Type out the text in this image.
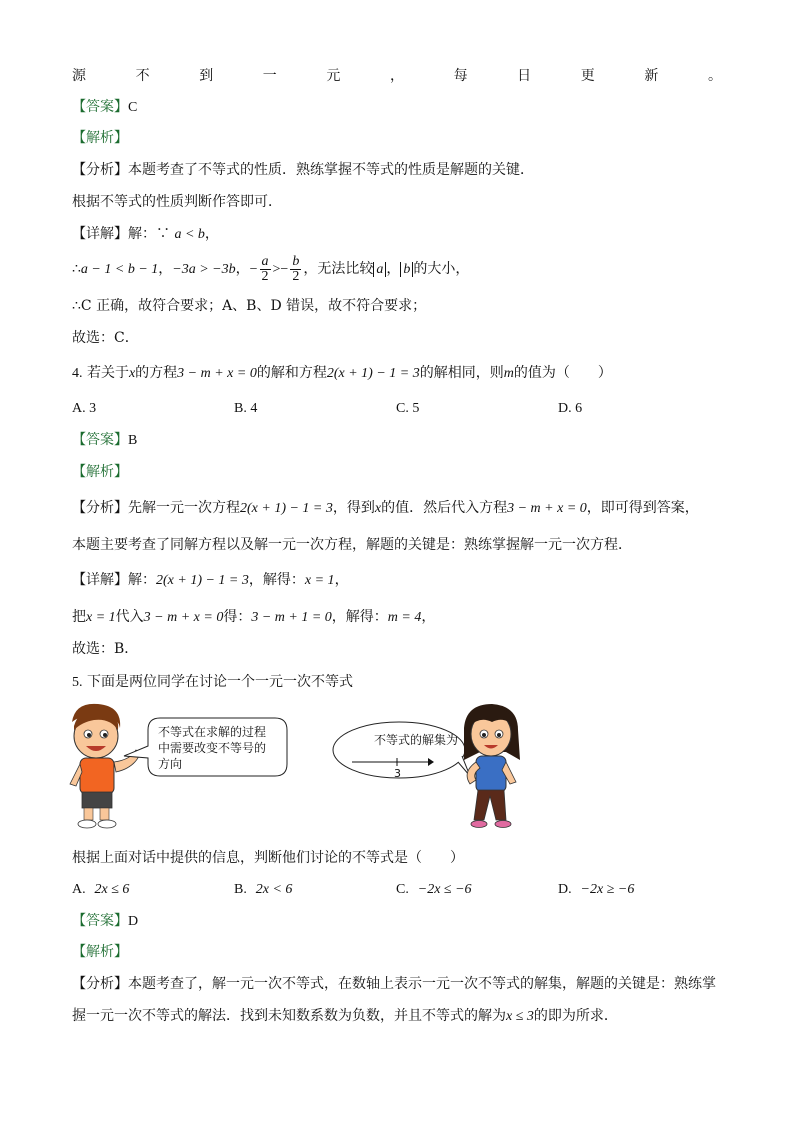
源	不	到	一	元	，	每	日	更	新	。
【答案】C
【解析】
【分析】本题考查了不等式的性质．熟练掌握不等式的性质是解题的关键．
根据不等式的性质判断作答即可．
【详解】解：∵ a < b，
∴a − 1 < b − 1，−3a > −3b，− $\frac{a}{2} >- \frac{b}{2}$ ，无法比较 a ， b 的大小，
∴C 正确，故符合要求；A、B、D 错误，故不符合要求；
故选：C．
4. 若关于x的方程3 − m + x = 0的解和方程2(x + 1) − 1 = 3的解相同，则m的值为（　　）
A. 3	B. 4	C. 5	D. 6
【答案】B
【解析】
【分析】先解一元一次方程2(x + 1) − 1 = 3，得到x的值．然后代入方程3 − m + x = 0，即可得到答案，
本题主要考查了同解方程以及解一元一次方程，解题的关键是：熟练掌握解一元一次方程．
【详解】解：2(x + 1) − 1 = 3，解得：x = 1，
把x = 1代入3 − m + x = 0得：3 − m + 1 = 0，解得：m = 4，
故选：B．
5. 下面是两位同学在讨论一个一元一次不等式
不等式在求解的过程
中需要改变不等号的
方向
不等式的解集为
3
根据上面对话中提供的信息，判断他们讨论的不等式是（　　）
A. 2x ≤ 6	B. 2x < 6	C. −2x ≤ −6	D. −2x ≥ −6
【答案】D
【解析】
【分析】本题考查了，解一元一次不等式，在数轴上表示一元一次不等式的解集，解题的关键是：熟练掌
握一元一次不等式的解法．找到未知数系数为负数，并且不等式的解为x ≤ 3的即为所求．
